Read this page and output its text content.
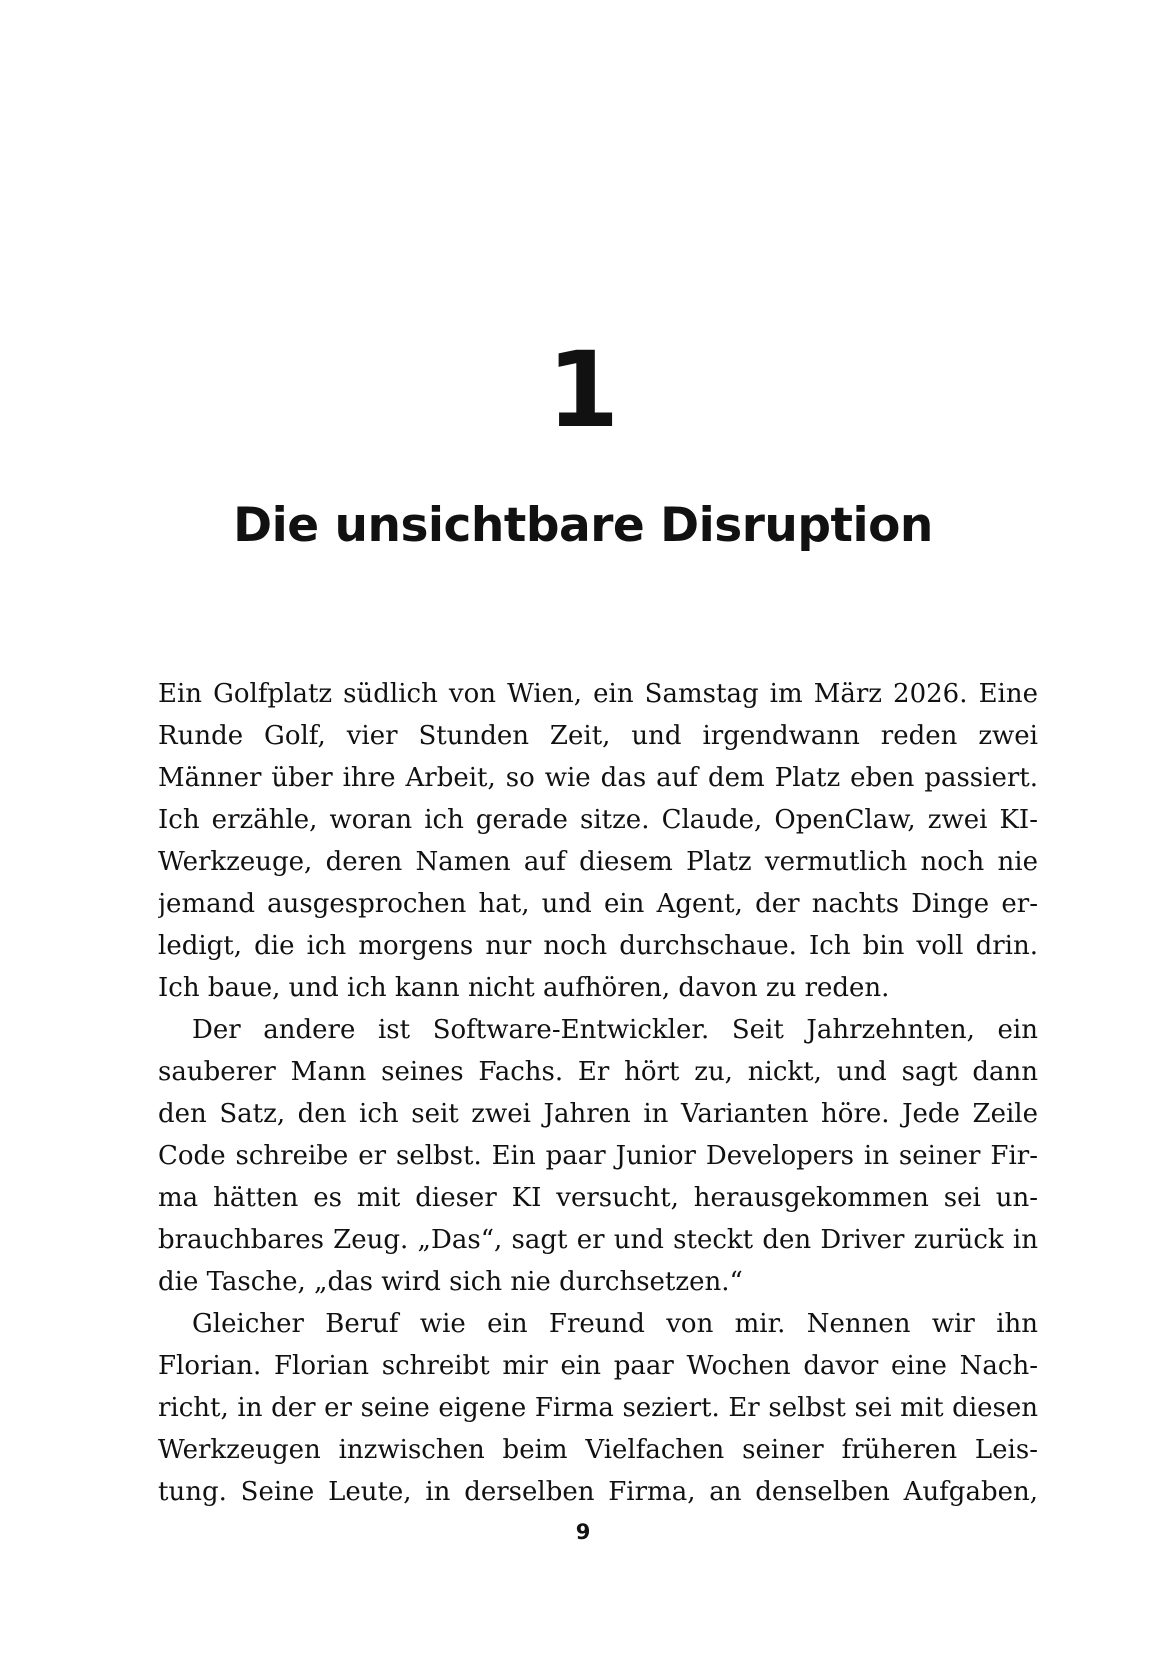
1
Die unsichtbare Disruption
Ein Golfplatz südlich von Wien, ein Samstag im März 2026. Eine
Runde Golf, vier Stunden Zeit, und irgendwann reden zwei
Männer über ihre Arbeit, so wie das auf dem Platz eben passiert.
Ich erzähle, woran ich gerade sitze. Claude, OpenClaw, zwei KI-
Werkzeuge, deren Namen auf diesem Platz vermutlich noch nie
jemand ausgesprochen hat, und ein Agent, der nachts Dinge er-
ledigt, die ich morgens nur noch durchschaue. Ich bin voll drin.
Ich baue, und ich kann nicht aufhören, davon zu reden.
Der andere ist Software-Entwickler. Seit Jahrzehnten, ein
sauberer Mann seines Fachs. Er hört zu, nickt, und sagt dann
den Satz, den ich seit zwei Jahren in Varianten höre. Jede Zeile
Code schreibe er selbst. Ein paar Junior Developers in seiner Fir-
ma hätten es mit dieser KI versucht, herausgekommen sei un-
brauchbares Zeug. „Das“, sagt er und steckt den Driver zurück in
die Tasche, „das wird sich nie durchsetzen.“
Gleicher Beruf wie ein Freund von mir. Nennen wir ihn
Florian. Florian schreibt mir ein paar Wochen davor eine Nach-
richt, in der er seine eigene Firma seziert. Er selbst sei mit diesen
Werkzeugen inzwischen beim Vielfachen seiner früheren Leis-
tung. Seine Leute, in derselben Firma, an denselben Aufgaben,
9
